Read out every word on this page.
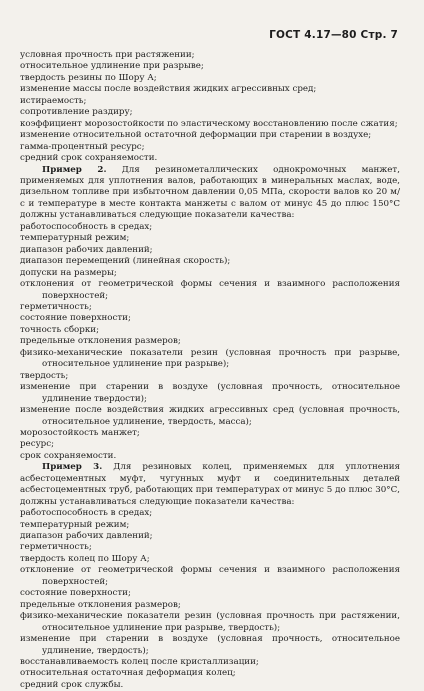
ГОСТ 4.17—80 Стр. 7

условная прочность при растяжении;

относительное удлинение при разрыве;

твердость резины по Шору А;

изменение массы после воздействия жидких агрессивных сред;

истираемость;

сопротивление раздиру;

коэффициент морозостойкости по эластическому восстановлению после сжатия;

изменение относительной остаточной деформации при старении в воздухе;

гамма-процентный ресурс;

средний срок сохраняемости.

Пример 2. Для резинометаллических однокромочных манжет, применяемых для уплотнения валов, работающих в минеральных маслах, воде, дизельном топливе при избыточном давлении 0,05 МПа, скорости валов ко 20 м/с и температуре в месте контакта манжеты с валом от минус 45 до плюс 150°С должны устанавливаться следующие показатели качества:

работоспособность в средах;

температурный режим;

диапазон рабочих давлений;

диапазон перемещений (линейная скорость);

допуски на размеры;

отклонения от геометрической формы сечения и взаимного расположения поверхностей;

герметичность;

состояние поверхности;

точность сборки;

предельные отклонения размеров;

физико-механические показатели резин (условная прочность при разрыве, относительное удлинение при разрыве);

твердость;

изменение при старении в воздухе (условная прочность, относительное удлинение твердости);

изменение после воздействия жидких агрессивных сред (условная прочность, относительное удлинение, твердость, масса);

морозостойкость манжет;

ресурс;

срок сохраняемости.

Пример 3. Для резиновых колец, применяемых для уплотнения асбестоцементных муфт, чугунных муфт и соединительных деталей асбестоцементных труб, работающих при температурах от минус 5 до плюс 30°С, должны устанавливаться следующие показатели качества:

работоспособность в средах;

температурный режим;

диапазон рабочих давлений;

герметичность;

твердость колец по Шору А;

отклонение от геометрической формы сечения и взаимного расположения поверхностей;

состояние поверхности;

предельные отклонения размеров;

физико-механические показатели резин (условная прочность при растяжении, относительное удлинение при разрыве, твердость);

изменение при старении в воздухе (условная прочность, относительное удлинение, твердость);

восстанавливаемость колец после кристаллизации;

относительная остаточная деформация колец;

средний срок службы.
